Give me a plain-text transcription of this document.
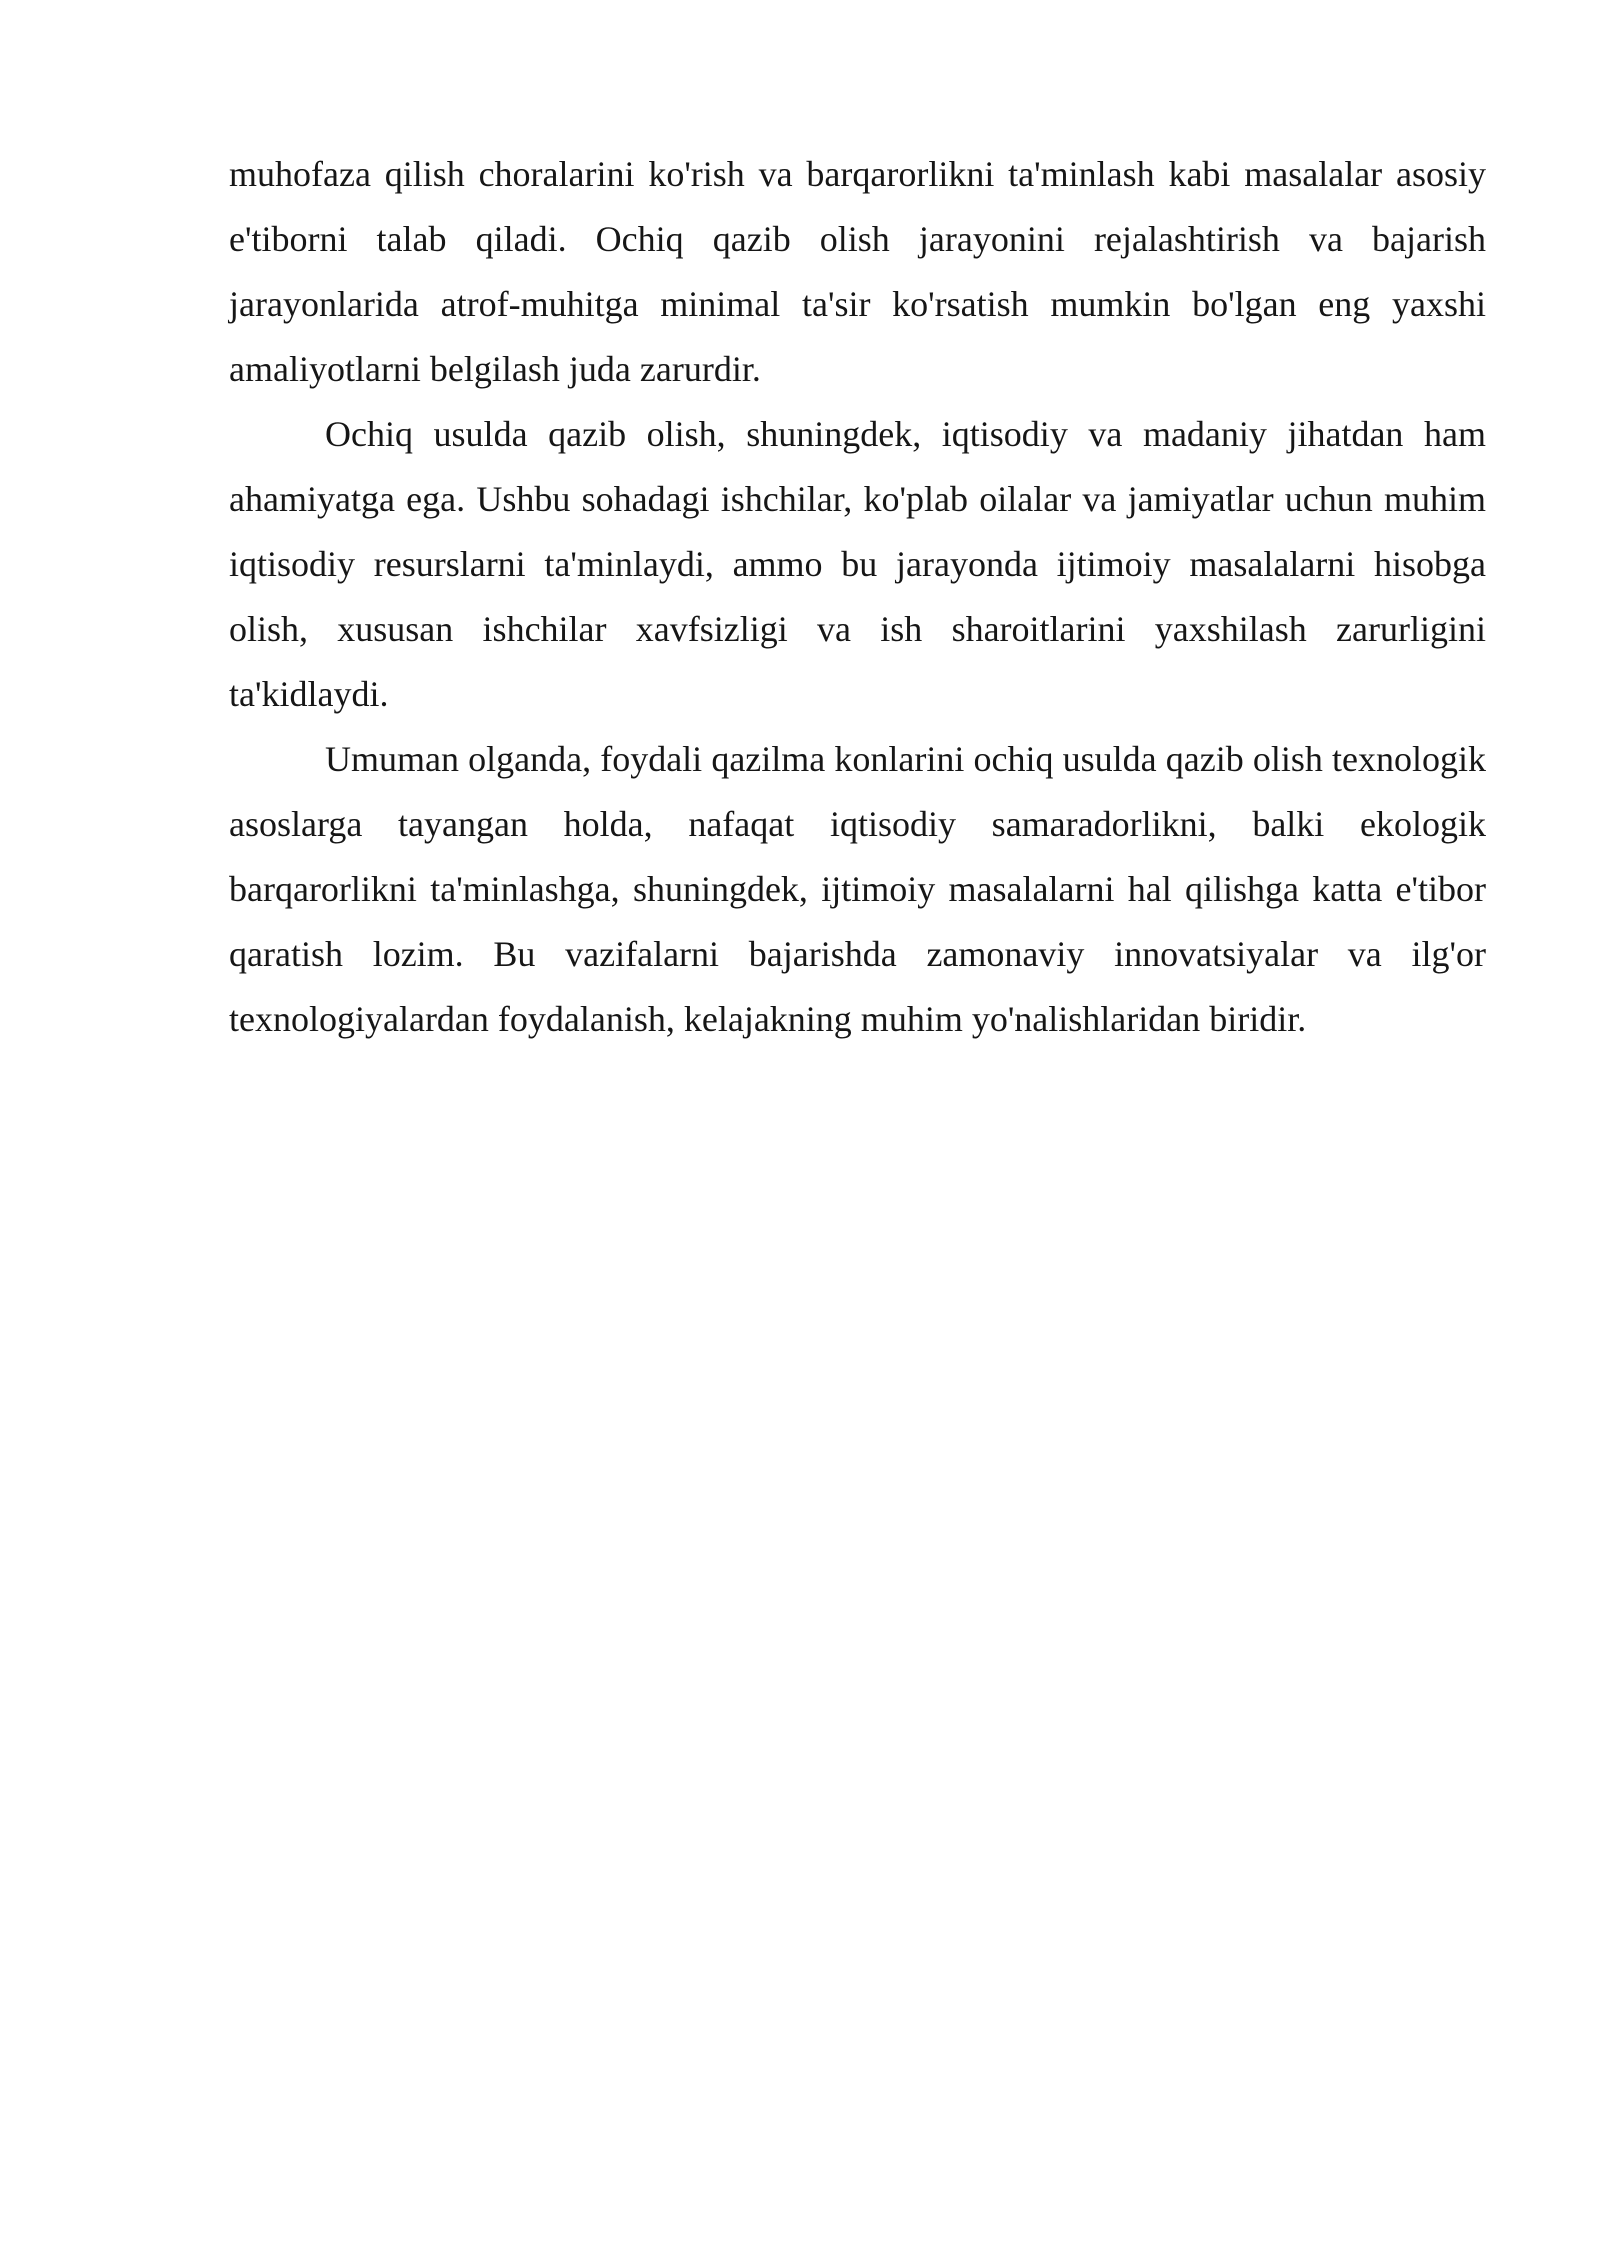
muhofaza qilish choralarini ko'rish va barqarorlikni ta'minlash kabi masalalar asosiy e'tiborni talab qiladi. Ochiq qazib olish jarayonini rejalashtirish va bajarish jarayonlarida atrof-muhitga minimal ta'sir ko'rsatish mumkin bo'lgan eng yaxshi amaliyotlarni belgilash juda zarurdir.

Ochiq usulda qazib olish, shuningdek, iqtisodiy va madaniy jihatdan ham ahamiyatga ega. Ushbu sohadagi ishchilar, ko'plab oilalar va jamiyatlar uchun muhim iqtisodiy resurslarni ta'minlaydi, ammo bu jarayonda ijtimoiy masalalarni hisobga olish, xususan ishchilar xavfsizligi va ish sharoitlarini yaxshilash zarurligini ta'kidlaydi.

Umuman olganda, foydali qazilma konlarini ochiq usulda qazib olish texnologik asoslarga tayangan holda, nafaqat iqtisodiy samaradorlikni, balki ekologik barqarorlikni ta'minlashga, shuningdek, ijtimoiy masalalarni hal qilishga katta e'tibor qaratish lozim. Bu vazifalarni bajarishda zamonaviy innovatsiyalar va ilg'or texnologiyalardan foydalanish, kelajakning muhim yo'nalishlaridan biridir.
